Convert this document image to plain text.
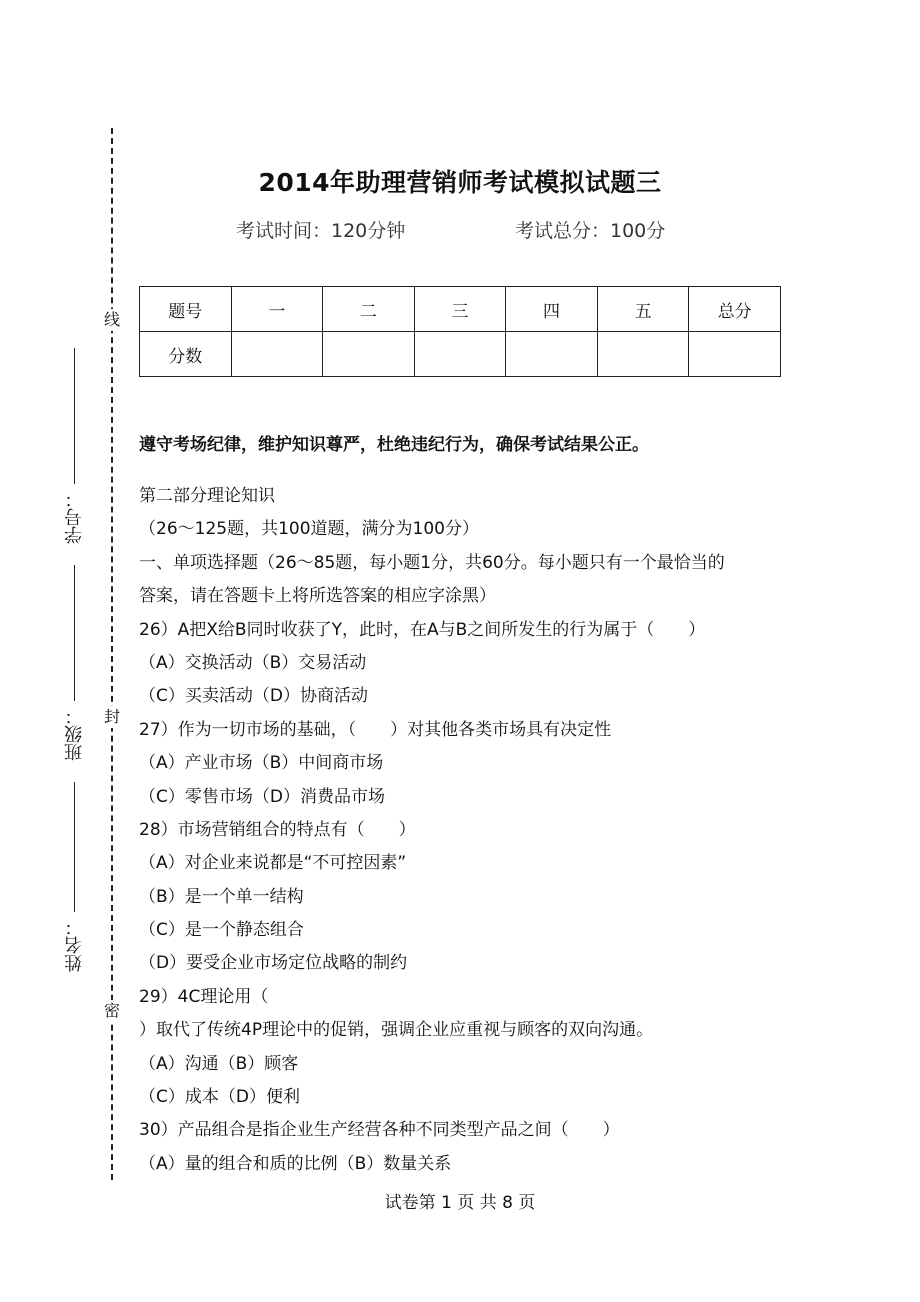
线
封
密
学号：
班级：
姓名：
2014年助理营销师考试模拟试题三
考试时间：120分钟	考试总分：100分
题号	一	二	三	四	五	总分
分数						
遵守考场纪律，维护知识尊严，杜绝违纪行为，确保考试结果公正。
第二部分理论知识
（26～125题，共100道题，满分为100分）
一、单项选择题（26～85题，每小题1分，共60分。每小题只有一个最恰当的
答案，请在答题卡上将所选答案的相应字涂黑）
26）A把X给B同时收获了Y，此时，在A与B之间所发生的行为属于（　　）
（A）交换活动（B）交易活动
（C）买卖活动（D）协商活动
27）作为一切市场的基础，（　　）对其他各类市场具有决定性
（A）产业市场（B）中间商市场
（C）零售市场（D）消费品市场
28）市场营销组合的特点有（　　）
（A）对企业来说都是“不可控因素”
（B）是一个单一结构
（C）是一个静态组合
（D）要受企业市场定位战略的制约
29）4C理论用（
）取代了传统4P理论中的促销，强调企业应重视与顾客的双向沟通。
（A）沟通（B）顾客
（C）成本（D）便利
30）产品组合是指企业生产经营各种不同类型产品之间（　　）
（A）量的组合和质的比例（B）数量关系
试卷第 1 页 共 8 页
